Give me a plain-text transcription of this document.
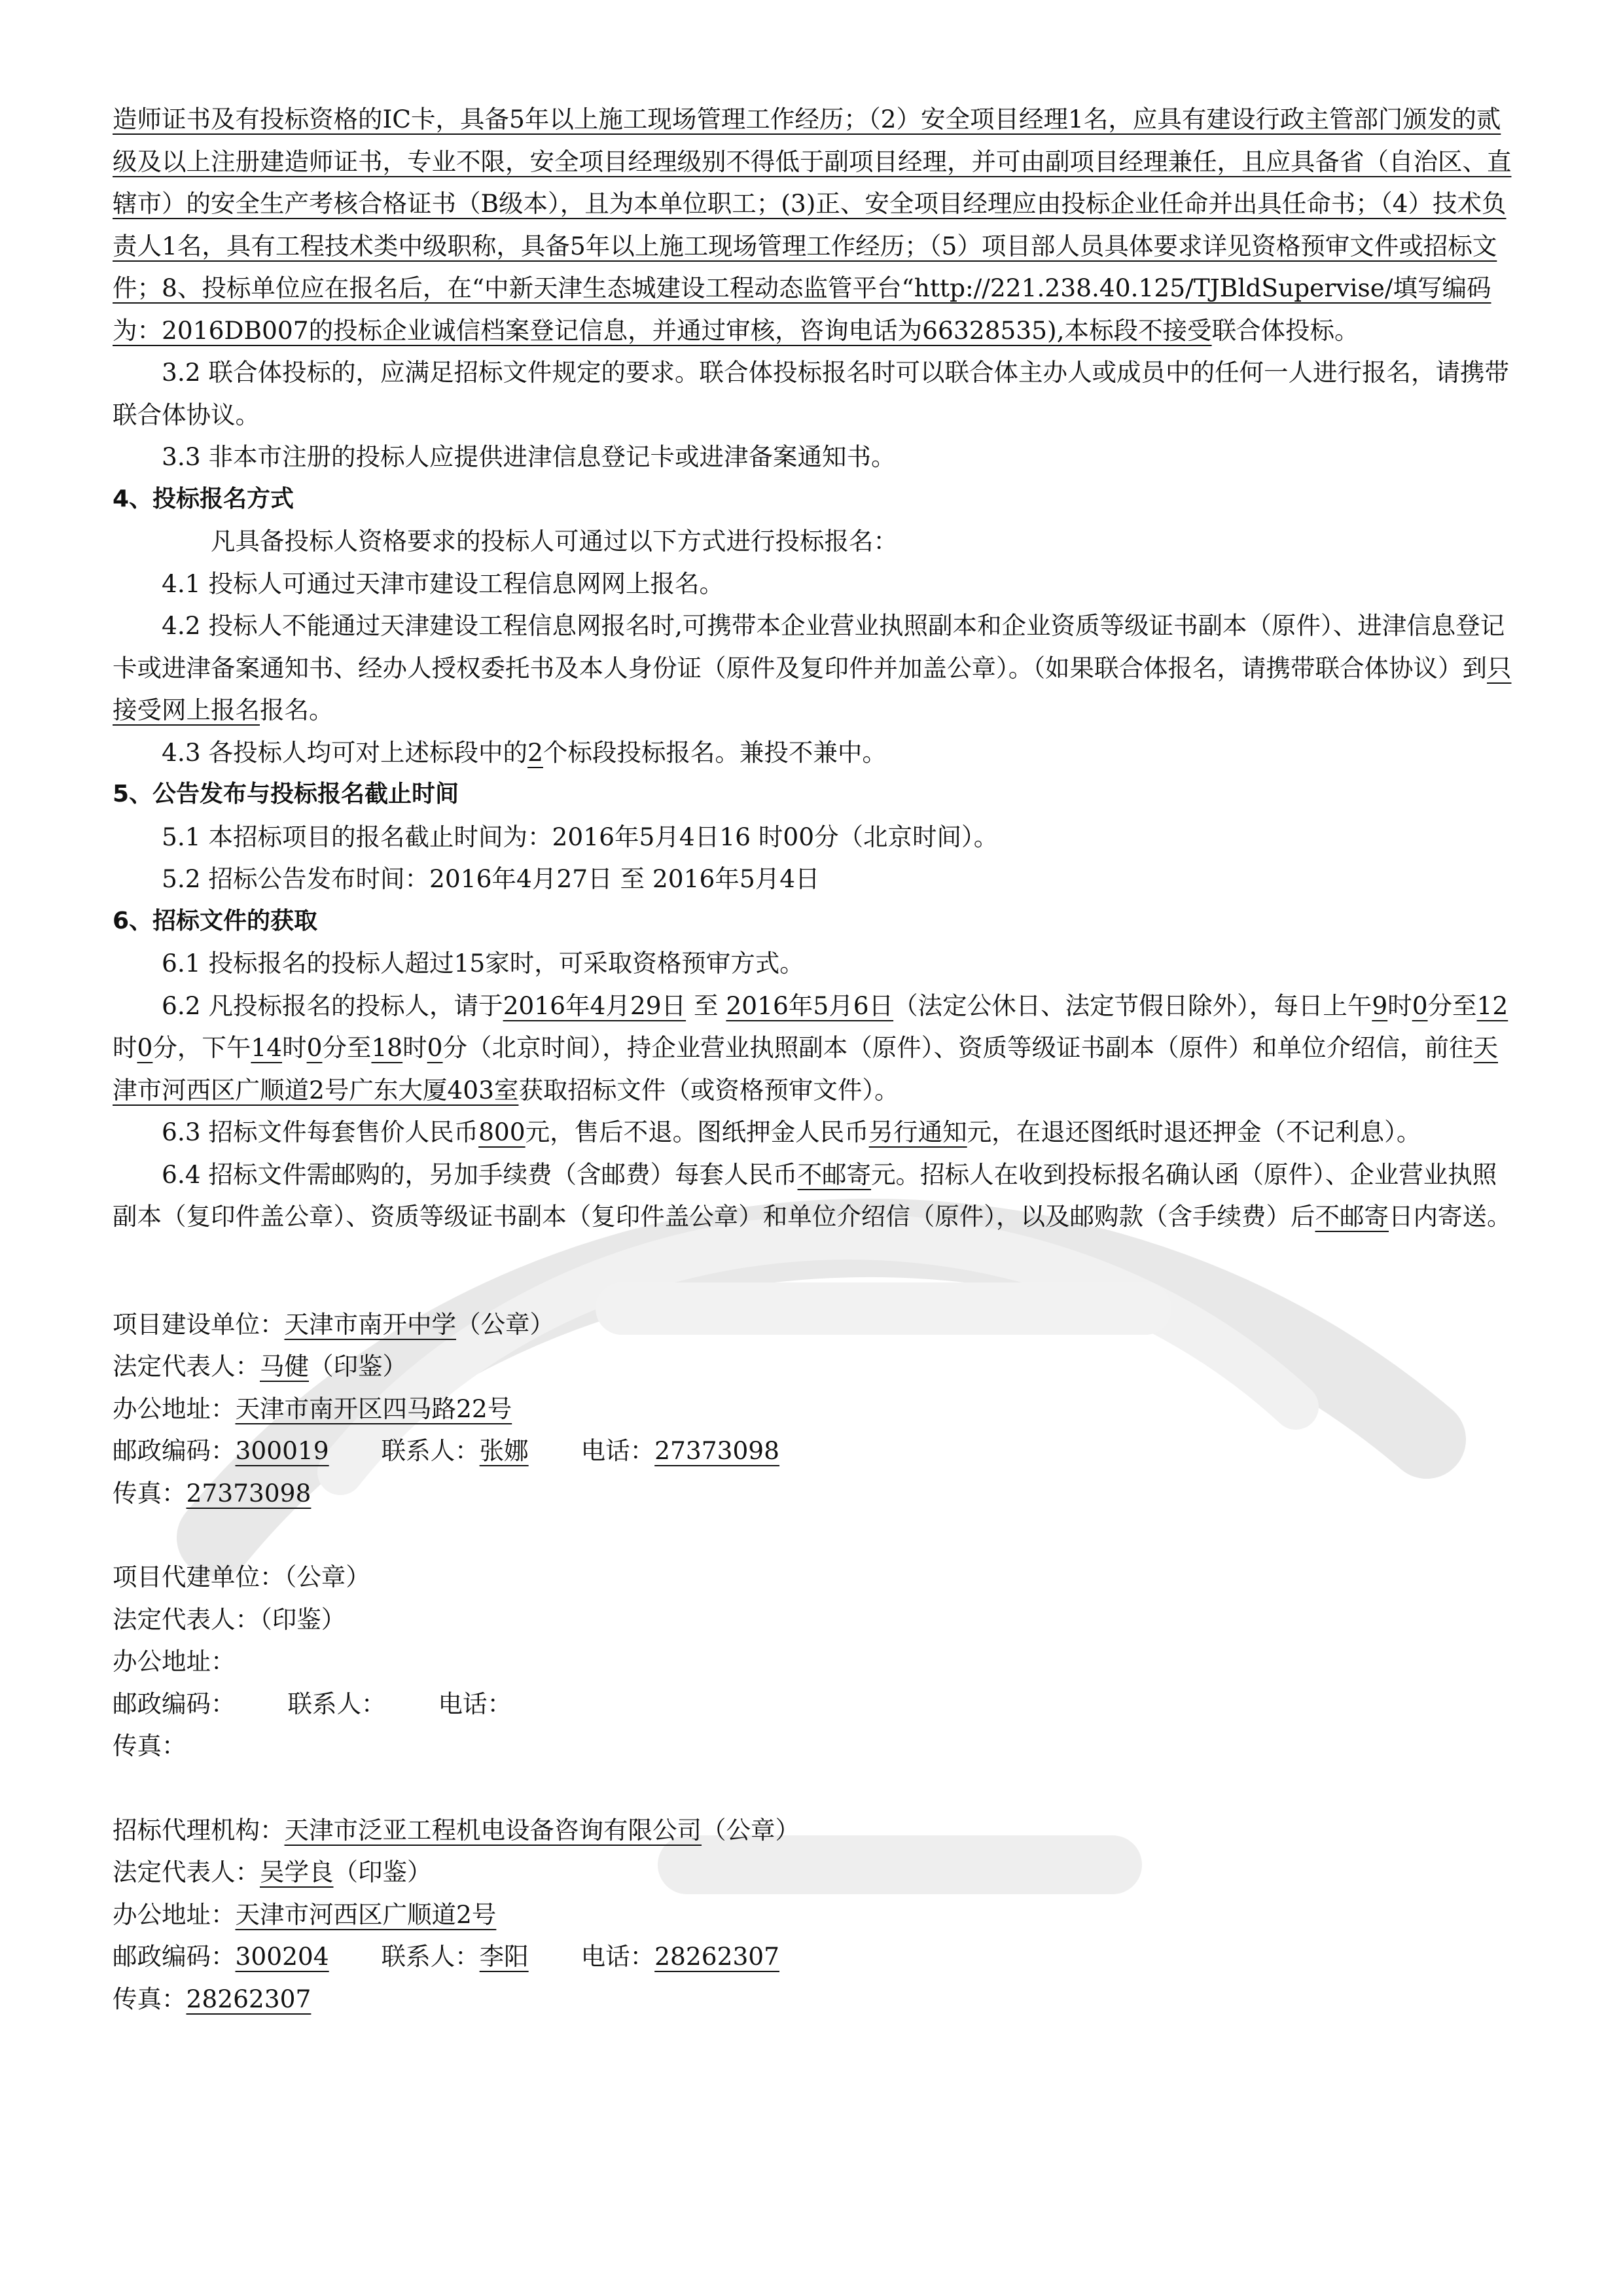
造师证书及有投标资格的IC卡，具备5年以上施工现场管理工作经历；（2）安全项目经理1名，应具有建设行政主管部门颁发的贰级及以上注册建造师证书，专业不限，安全项目经理级别不得低于副项目经理，并可由副项目经理兼任，且应具备省（自治区、直辖市）的安全生产考核合格证书（B级本），且为本单位职工；(3)正、安全项目经理应由投标企业任命并出具任命书；（4）技术负责人1名，具有工程技术类中级职称，具备5年以上施工现场管理工作经历；（5）项目部人员具体要求详见资格预审文件或招标文件；8、投标单位应在报名后，在“中新天津生态城建设工程动态监管平台“http://221.238.40.125/TJBldSupervise/填写编码为：2016DB007的投标企业诚信档案登记信息，并通过审核，咨询电话为66328535),本标段不接受联合体投标。

3.2 联合体投标的，应满足招标文件规定的要求。联合体投标报名时可以联合体主办人或成员中的任何一人进行报名，请携带联合体协议。

3.3 非本市注册的投标人应提供进津信息登记卡或进津备案通知书。

4、投标报名方式

凡具备投标人资格要求的投标人可通过以下方式进行投标报名：

4.1 投标人可通过天津市建设工程信息网网上报名。

4.2 投标人不能通过天津建设工程信息网报名时,可携带本企业营业执照副本和企业资质等级证书副本（原件）、进津信息登记卡或进津备案通知书、经办人授权委托书及本人身份证（原件及复印件并加盖公章）。（如果联合体报名，请携带联合体协议）到只接受网上报名报名。

4.3 各投标人均可对上述标段中的2个标段投标报名。兼投不兼中。

5、公告发布与投标报名截止时间

5.1 本招标项目的报名截止时间为：2016年5月4日16 时00分（北京时间）。

5.2 招标公告发布时间：2016年4月27日 至 2016年5月4日

6、招标文件的获取

6.1 投标报名的投标人超过15家时，可采取资格预审方式。

6.2 凡投标报名的投标人，请于2016年4月29日 至 2016年5月6日（法定公休日、法定节假日除外），每日上午9时0分至12时0分，下午14时0分至18时0分（北京时间），持企业营业执照副本（原件）、资质等级证书副本（原件）和单位介绍信，前往天津市河西区广顺道2号广东大厦403室获取招标文件（或资格预审文件）。

6.3 招标文件每套售价人民币800元，售后不退。图纸押金人民币另行通知元，在退还图纸时退还押金（不记利息）。

6.4 招标文件需邮购的，另加手续费（含邮费）每套人民币不邮寄元。招标人在收到投标报名确认函（原件）、企业营业执照副本（复印件盖公章）、资质等级证书副本（复印件盖公章）和单位介绍信（原件），以及邮购款（含手续费）后不邮寄日内寄送。

项目建设单位：天津市南开中学（公章）

法定代表人：马健（印鉴）

办公地址：天津市南开区四马路22号

邮政编码：300019 联系人：张娜 电话：27373098

传真：27373098

项目代建单位：（公章）

法定代表人：（印鉴）

办公地址：

邮政编码： 联系人： 电话：

传真：

招标代理机构：天津市泛亚工程机电设备咨询有限公司（公章）

法定代表人：吴学良（印鉴）

办公地址：天津市河西区广顺道2号

邮政编码：300204 联系人：李阳 电话：28262307

传真：28262307
